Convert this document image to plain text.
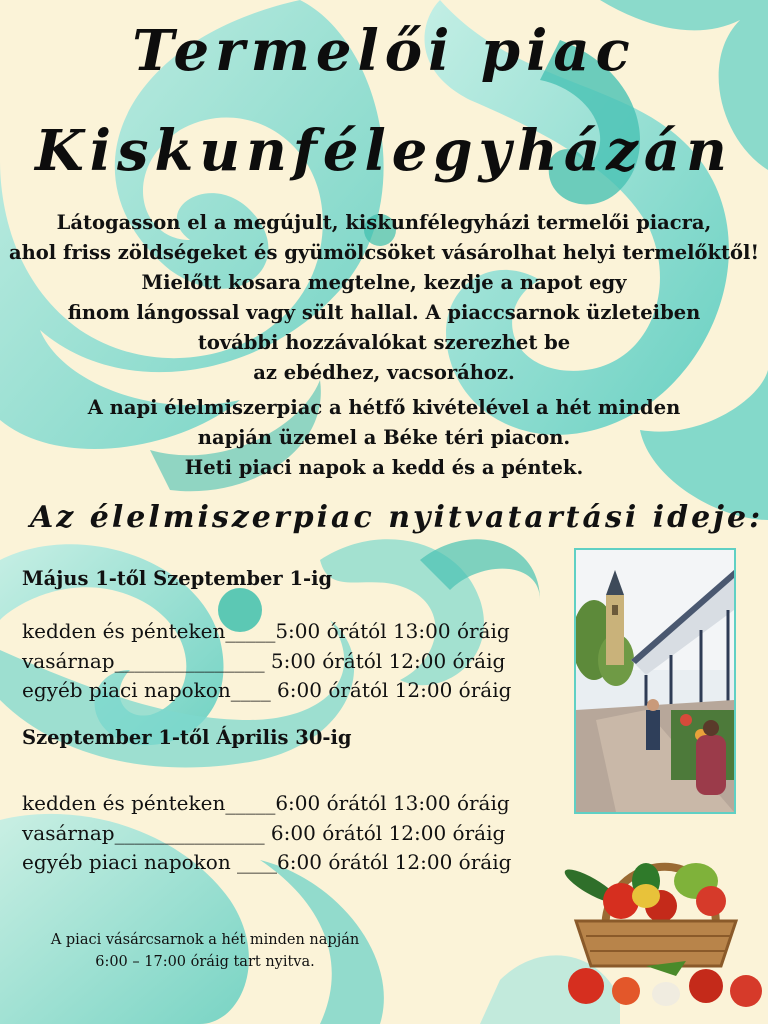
Termelői piac
Kiskunfélegyházán
Látogasson el a megújult, kiskunfélegyházi termelői piacra,
ahol friss zöldségeket és gyümölcsöket vásárolhat helyi termelőktől!
Mielőtt kosara megtelne, kezdje a napot egy
finom lángossal vagy sült hallal. A piaccsarnok üzleteiben
további hozzávalókat szerezhet be
az ebédhez, vacsorához.
A napi élelmiszerpiac a hétfő kivételével a hét minden
napján üzemel a Béke téri piacon.
Heti piaci napok a kedd és a péntek.
Az élelmiszerpiac nyitvatartási ideje:
Május 1-től Szeptember 1-ig
kedden és pénteken_____5:00 órától 13:00 óráig
vasárnap_______________ 5:00 órától 12:00 óráig
egyéb piaci napokon____ 6:00 órától 12:00 óráig
Szeptember 1-től Április 30-ig
kedden és pénteken_____6:00 órától 13:00 óráig
vasárnap_______________ 6:00 órától 12:00 óráig
egyéb piaci napokon ____6:00 órától 12:00 óráig
A piaci vásárcsarnok a hét minden napján
6:00 – 17:00 óráig tart nyitva.
